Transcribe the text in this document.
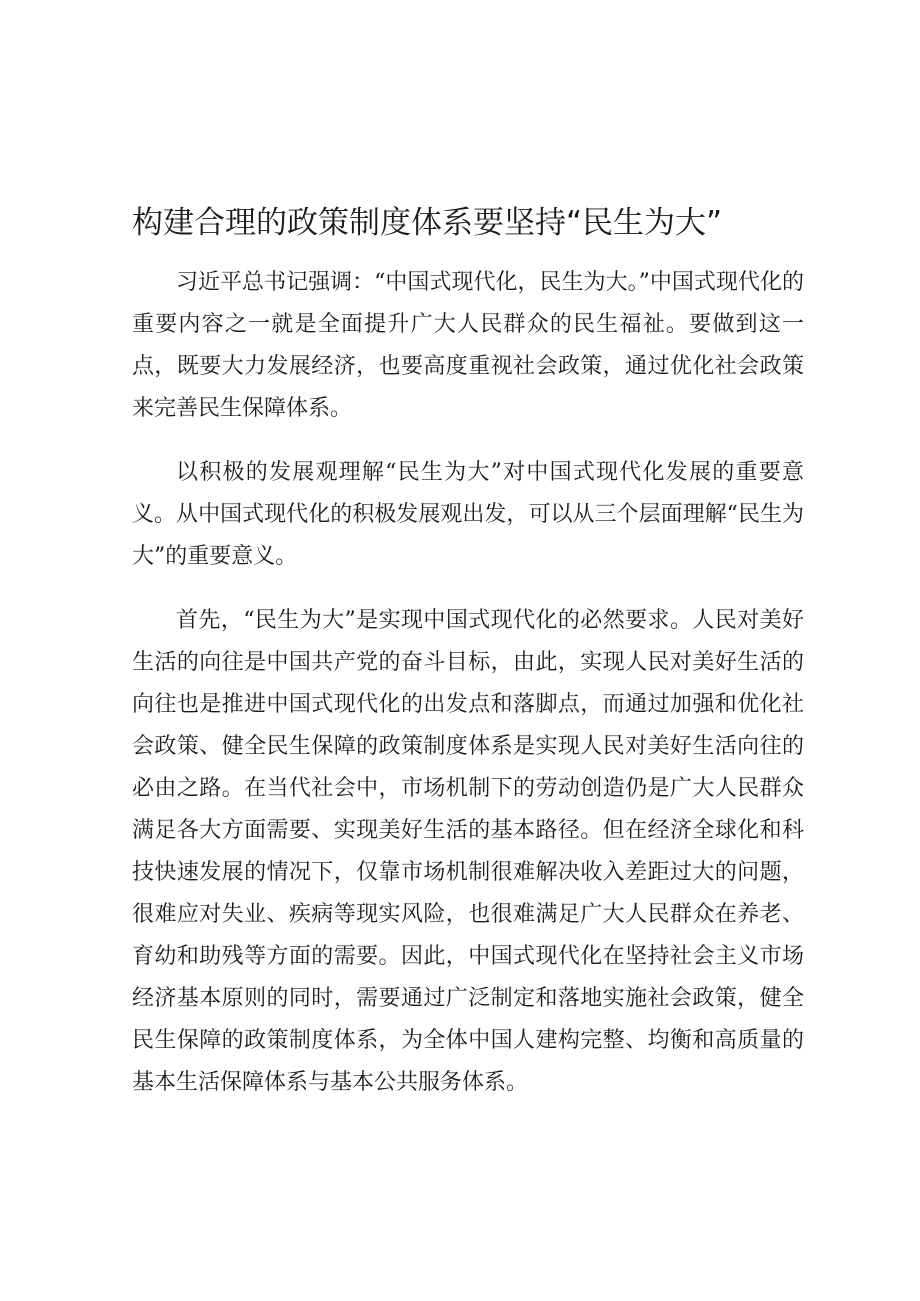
构建合理的政策制度体系要坚持“民生为大”

习近平总书记强调：“中国式现代化，民生为大。”中国式现代化的重要内容之一就是全面提升广大人民群众的民生福祉。要做到这一点，既要大力发展经济，也要高度重视社会政策，通过优化社会政策来完善民生保障体系。

以积极的发展观理解“民生为大”对中国式现代化发展的重要意义。从中国式现代化的积极发展观出发，可以从三个层面理解“民生为大”的重要意义。

首先，“民生为大”是实现中国式现代化的必然要求。人民对美好生活的向往是中国共产党的奋斗目标，由此，实现人民对美好生活的向往也是推进中国式现代化的出发点和落脚点，而通过加强和优化社会政策、健全民生保障的政策制度体系是实现人民对美好生活向往的必由之路。在当代社会中，市场机制下的劳动创造仍是广大人民群众满足各大方面需要、实现美好生活的基本路径。但在经济全球化和科技快速发展的情况下，仅靠市场机制很难解决收入差距过大的问题，很难应对失业、疾病等现实风险，也很难满足广大人民群众在养老、育幼和助残等方面的需要。因此，中国式现代化在坚持社会主义市场经济基本原则的同时，需要通过广泛制定和落地实施社会政策，健全民生保障的政策制度体系，为全体中国人建构完整、均衡和高质量的基本生活保障体系与基本公共服务体系。
